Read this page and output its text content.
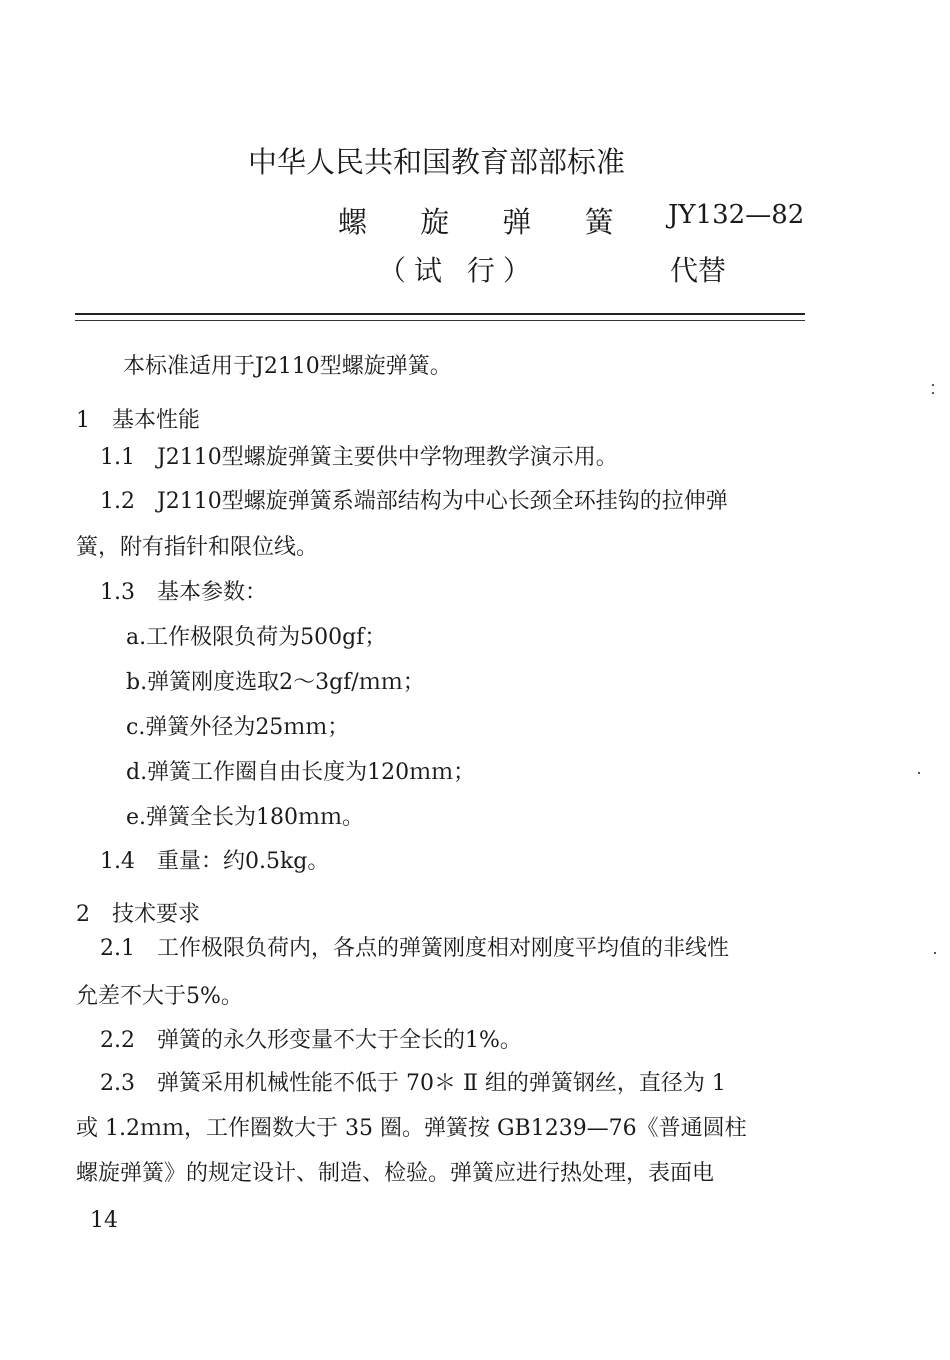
中华人民共和国教育部部标准
螺 旋 弹 簧 JY132—82
（试 行）	代替
本标准适用于J2110型螺旋弹簧。
1　基本性能
1.1　J2110型螺旋弹簧主要供中学物理教学演示用。
1.2　J2110型螺旋弹簧系端部结构为中心长颈全环挂钩的拉伸弹
簧，附有指针和限位线。
1.3　基本参数：
a.工作极限负荷为500gf；
b.弹簧刚度选取2～3gf/ｍｍ；
c.弹簧外径为25ｍｍ；
d.弹簧工作圈自由长度为120ｍｍ；
e.弹簧全长为180ｍｍ。
1.4　重量：约0.5kg。
2　技术要求
2.1　工作极限负荷内，各点的弹簧刚度相对刚度平均值的非线性
允差不大于5%。
2.2　弹簧的永久形变量不大于全长的1%。
2.3　弹簧采用机械性能不低于 70＊ Ⅱ 组的弹簧钢丝，直径为 1
或 1.2ｍｍ，工作圈数大于 35 圈。弹簧按 GB1239—76《普通圆柱
螺旋弹簧》的规定设计、制造、检验。弹簧应进行热处理，表面电
14
